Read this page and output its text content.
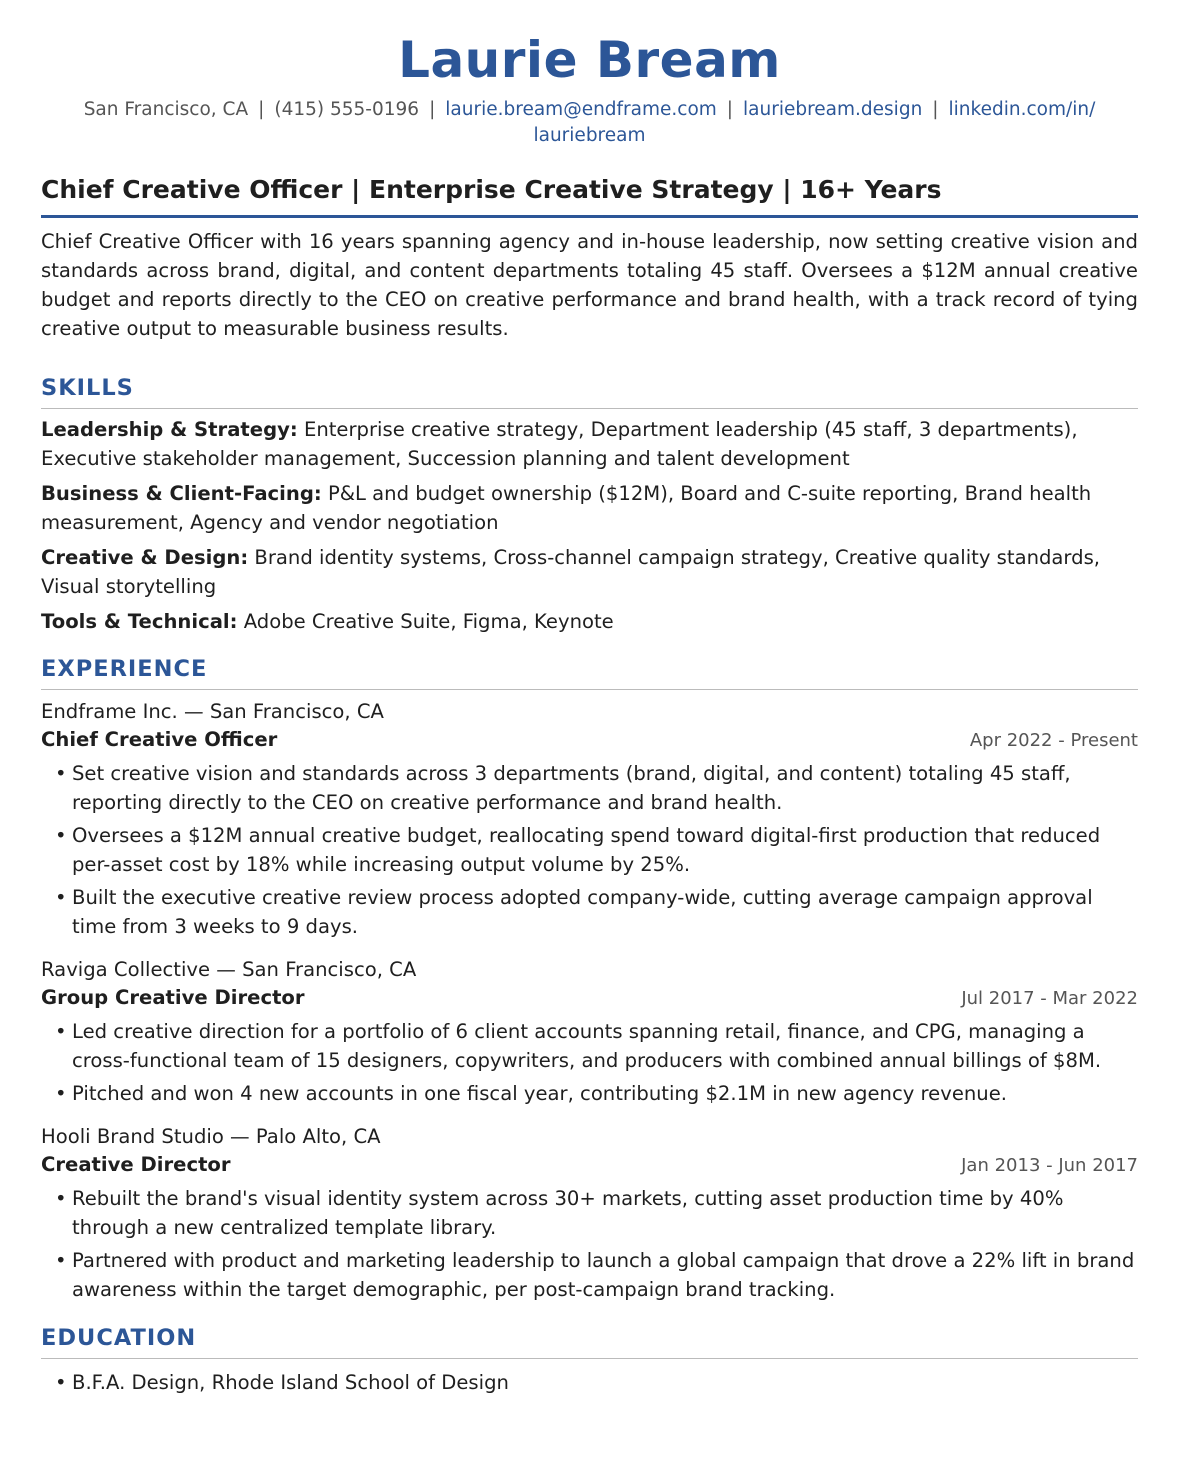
Laurie Bream
San Francisco, CA | (415) 555-0196 | laurie.bream@endframe.com | lauriebream.design | linkedin.com/in/
lauriebream
Chief Creative Officer | Enterprise Creative Strategy | 16+ Years

Chief Creative Officer with 16 years spanning agency and in-house leadership, now setting creative vision and standards across brand, digital, and content departments totaling 45 staff. Oversees a $12M annual creative budget and reports directly to the CEO on creative performance and brand health, with a track record of tying creative output to measurable business results.

SKILLS
Leadership & Strategy: Enterprise creative strategy, Department leadership (45 staff, 3 departments), Executive stakeholder management, Succession planning and talent development
Business & Client-Facing: P&L and budget ownership ($12M), Board and C-suite reporting, Brand health measurement, Agency and vendor negotiation
Creative & Design: Brand identity systems, Cross-channel campaign strategy, Creative quality standards, Visual storytelling
Tools & Technical: Adobe Creative Suite, Figma, Keynote
EXPERIENCE
Endframe Inc. — San Francisco, CA
Chief Creative Officer	Apr 2022 - Present
• Set creative vision and standards across 3 departments (brand, digital, and content) totaling 45 staff, reporting directly to the CEO on creative performance and brand health.
• Oversees a $12M annual creative budget, reallocating spend toward digital-first production that reduced per-asset cost by 18% while increasing output volume by 25%.
• Built the executive creative review process adopted company-wide, cutting average campaign approval time from 3 weeks to 9 days.
Raviga Collective — San Francisco, CA
Group Creative Director	Jul 2017 - Mar 2022
• Led creative direction for a portfolio of 6 client accounts spanning retail, finance, and CPG, managing a cross-functional team of 15 designers, copywriters, and producers with combined annual billings of $8M.
• Pitched and won 4 new accounts in one fiscal year, contributing $2.1M in new agency revenue.
Hooli Brand Studio — Palo Alto, CA
Creative Director	Jan 2013 - Jun 2017
• Rebuilt the brand's visual identity system across 30+ markets, cutting asset production time by 40% through a new centralized template library.
• Partnered with product and marketing leadership to launch a global campaign that drove a 22% lift in brand awareness within the target demographic, per post-campaign brand tracking.
EDUCATION
• B.F.A. Design, Rhode Island School of Design
